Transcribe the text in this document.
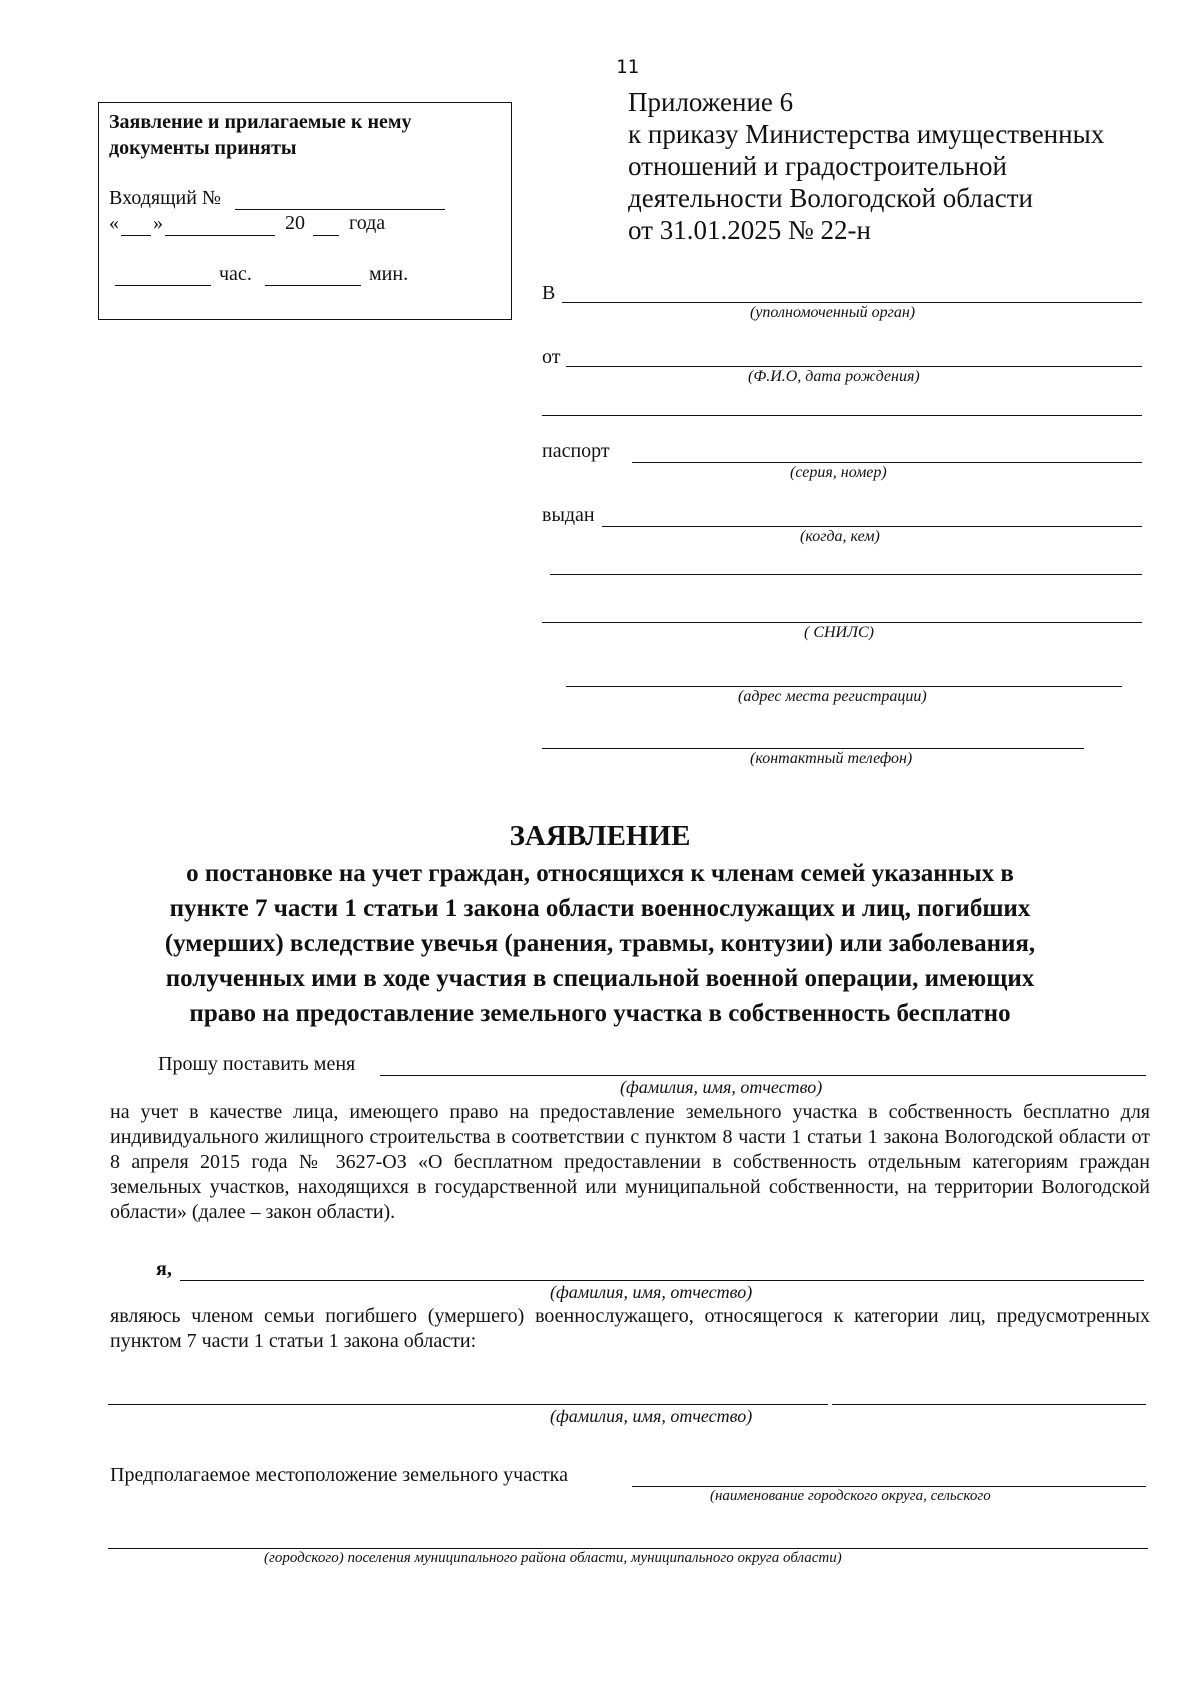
11
Заявление и прилагаемые к нему документы приняты
Входящий №
« »	20 года
час.	мин.
Приложение 6
к приказу Министерства имущественных
отношений и градостроительной
деятельности Вологодской области
от 31.01.2025 № 22-н
В
(уполномоченный орган)
от
(Ф.И.О, дата рождения)
паспорт
(серия, номер)
выдан
(когда, кем)
( СНИЛС)
(адрес места регистрации)
(контактный телефон)
ЗАЯВЛЕНИЕ
о постановке на учет граждан, относящихся к членам семей указанных в
пункте 7 части 1 статьи 1 закона области военнослужащих и лиц, погибших
(умерших) вследствие увечья (ранения, травмы, контузии) или заболевания,
полученных ими в ходе участия в специальной военной операции, имеющих
право на предоставление земельного участка в собственность бесплатно
Прошу поставить меня
(фамилия, имя, отчество)
на учет в качестве лица, имеющего право на предоставление земельного участка в собственность бесплатно для индивидуального жилищного строительства в соответствии с пунктом 8 части 1 статьи 1 закона Вологодской области от 8 апреля 2015 года № 3627-ОЗ «О бесплатном предоставлении в собственность отдельным категориям граждан земельных участков, находящихся в государственной или муниципальной собственности, на территории Вологодской области» (далее – закон области).
я,
(фамилия, имя, отчество)
являюсь членом семьи погибшего (умершего) военнослужащего, относящегося к категории лиц, предусмотренных пунктом 7 части 1 статьи 1 закона области:
(фамилия, имя, отчество)
Предполагаемое местоположение земельного участка
(наименование городского округа, сельского
(городского) поселения муниципального района области, муниципального округа области)
